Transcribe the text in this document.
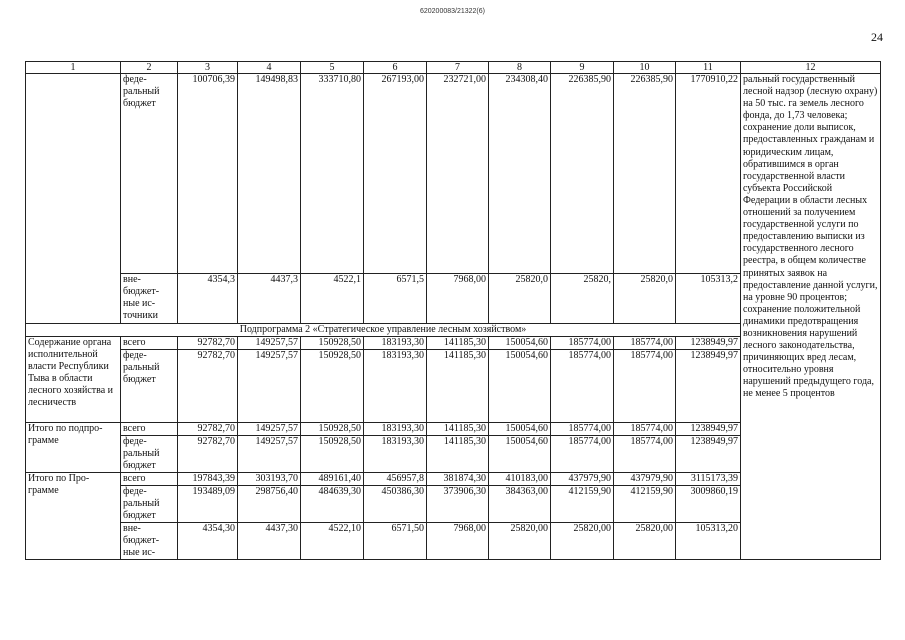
620200083/21322(6)
24
1	2	3	4	5	6	7	8	9	10	11	12
	феде-ральный бюджет	100706,39	149498,83	333710,80	267193,00	232721,00	234308,40	226385,90	226385,90	1770910,22	ральный государственный лесной надзор (лесную охрану) на 50 тыс. га земель лесного фонда, до 1,73 человека; сохранение доли выписок, предоставленных гражданам и юридическим лицам, обратившимся в орган государственной власти субъекта Российской Федерации в области лесных отношений за получением государственной услуги по предоставлению выписки из государственного лесного реестра, в общем количестве принятых заявок на предоставление данной услуги, на уровне 90 процентов; сохранение положительной динамики предотвращения возникновения нарушений лесного законодательства, причиняющих вред лесам, относительно уровня нарушений предыдущего года, не менее 5 процентов
	вне-бюджет-ные ис-точники	4354,3	4437,3	4522,1	6571,5	7968,00	25820,0	25820,	25820,0	105313,2	
Подпрограмма 2 «Стратегическое управление лесным хозяйством»											
Содержание органа исполнительной власти Республики Тыва в области лесного хозяйства и лесничеств	всего	92782,70	149257,57	150928,50	183193,30	141185,30	150054,60	185774,00	185774,00	1238949,97	
	феде-ральный бюджет	92782,70	149257,57	150928,50	183193,30	141185,30	150054,60	185774,00	185774,00	1238949,97	
Итого по подпро-грамме	всего	92782,70	149257,57	150928,50	183193,30	141185,30	150054,60	185774,00	185774,00	1238949,97	
	феде-ральный бюджет	92782,70	149257,57	150928,50	183193,30	141185,30	150054,60	185774,00	185774,00	1238949,97	
Итого по Про-грамме	всего	197843,39	303193,70	489161,40	456957,8	381874,30	410183,00	437979,90	437979,90	3115173,39	
	феде-ральный бюджет	193489,09	298756,40	484639,30	450386,30	373906,30	384363,00	412159,90	412159,90	3009860,19	
	вне-бюджет-ные ис-	4354,30	4437,30	4522,10	6571,50	7968,00	25820,00	25820,00	25820,00	105313,20	
